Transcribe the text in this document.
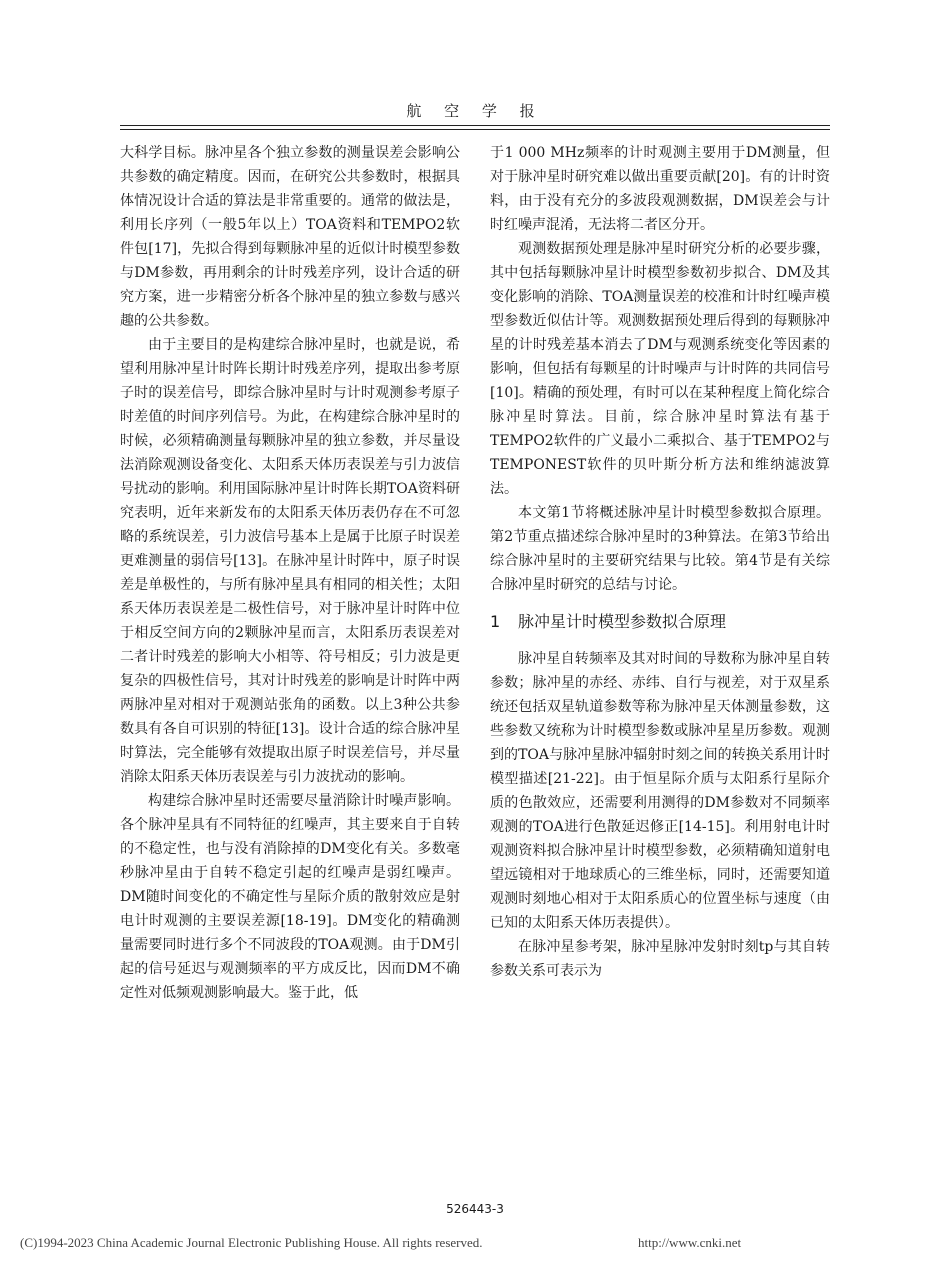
航 空 学 报

大科学目标。脉冲星各个独立参数的测量误差会影响公共参数的确定精度。因而，在研究公共参数时，根据具体情况设计合适的算法是非常重要的。通常的做法是，利用长序列（一般5年以上）TOA资料和TEMPO2软件包[17]，先拟合得到每颗脉冲星的近似计时模型参数与DM参数，再用剩余的计时残差序列，设计合适的研究方案，进一步精密分析各个脉冲星的独立参数与感兴趣的公共参数。

由于主要目的是构建综合脉冲星时，也就是说，希望利用脉冲星计时阵长期计时残差序列，提取出参考原子时的误差信号，即综合脉冲星时与计时观测参考原子时差值的时间序列信号。为此，在构建综合脉冲星时的时候，必须精确测量每颗脉冲星的独立参数，并尽量设法消除观测设备变化、太阳系天体历表误差与引力波信号扰动的影响。利用国际脉冲星计时阵长期TOA资料研究表明，近年来新发布的太阳系天体历表仍存在不可忽略的系统误差，引力波信号基本上是属于比原子时误差更难测量的弱信号[13]。在脉冲星计时阵中，原子时误差是单极性的，与所有脉冲星具有相同的相关性；太阳系天体历表误差是二极性信号，对于脉冲星计时阵中位于相反空间方向的2颗脉冲星而言，太阳系历表误差对二者计时残差的影响大小相等、符号相反；引力波是更复杂的四极性信号，其对计时残差的影响是计时阵中两两脉冲星对相对于观测站张角的函数。以上3种公共参数具有各自可识别的特征[13]。设计合适的综合脉冲星时算法，完全能够有效提取出原子时误差信号，并尽量消除太阳系天体历表误差与引力波扰动的影响。

构建综合脉冲星时还需要尽量消除计时噪声影响。各个脉冲星具有不同特征的红噪声，其主要来自于自转的不稳定性，也与没有消除掉的DM变化有关。多数毫秒脉冲星由于自转不稳定引起的红噪声是弱红噪声。DM随时间变化的不确定性与星际介质的散射效应是射电计时观测的主要误差源[18-19]。DM变化的精确测量需要同时进行多个不同波段的TOA观测。由于DM引起的信号延迟与观测频率的平方成反比，因而DM不确定性对低频观测影响最大。鉴于此，低

于1 000 MHz频率的计时观测主要用于DM测量，但对于脉冲星时研究难以做出重要贡献[20]。有的计时资料，由于没有充分的多波段观测数据，DM误差会与计时红噪声混淆，无法将二者区分开。

观测数据预处理是脉冲星时研究分析的必要步骤，其中包括每颗脉冲星计时模型参数初步拟合、DM及其变化影响的消除、TOA测量误差的校准和计时红噪声模型参数近似估计等。观测数据预处理后得到的每颗脉冲星的计时残差基本消去了DM与观测系统变化等因素的影响，但包括有每颗星的计时噪声与计时阵的共同信号[10]。精确的预处理，有时可以在某种程度上简化综合脉冲星时算法。目前，综合脉冲星时算法有基于TEMPO2软件的广义最小二乘拟合、基于TEMPO2与TEMPONEST软件的贝叶斯分析方法和维纳滤波算法。

本文第1节将概述脉冲星计时模型参数拟合原理。第2节重点描述综合脉冲星时的3种算法。在第3节给出综合脉冲星时的主要研究结果与比较。第4节是有关综合脉冲星时研究的总结与讨论。

1 脉冲星计时模型参数拟合原理

脉冲星自转频率及其对时间的导数称为脉冲星自转参数；脉冲星的赤经、赤纬、自行与视差，对于双星系统还包括双星轨道参数等称为脉冲星天体测量参数，这些参数又统称为计时模型参数或脉冲星星历参数。观测到的TOA与脉冲星脉冲辐射时刻之间的转换关系用计时模型描述[21-22]。由于恒星际介质与太阳系行星际介质的色散效应，还需要利用测得的DM参数对不同频率观测的TOA进行色散延迟修正[14-15]。利用射电计时观测资料拟合脉冲星计时模型参数，必须精确知道射电望远镜相对于地球质心的三维坐标，同时，还需要知道观测时刻地心相对于太阳系质心的位置坐标与速度（由已知的太阳系天体历表提供）。

在脉冲星参考架，脉冲星脉冲发射时刻tp与其自转参数关系可表示为

526443-3
(C)1994-2023 China Academic Journal Electronic Publishing House. All rights reserved.	http://www.cnki.net
